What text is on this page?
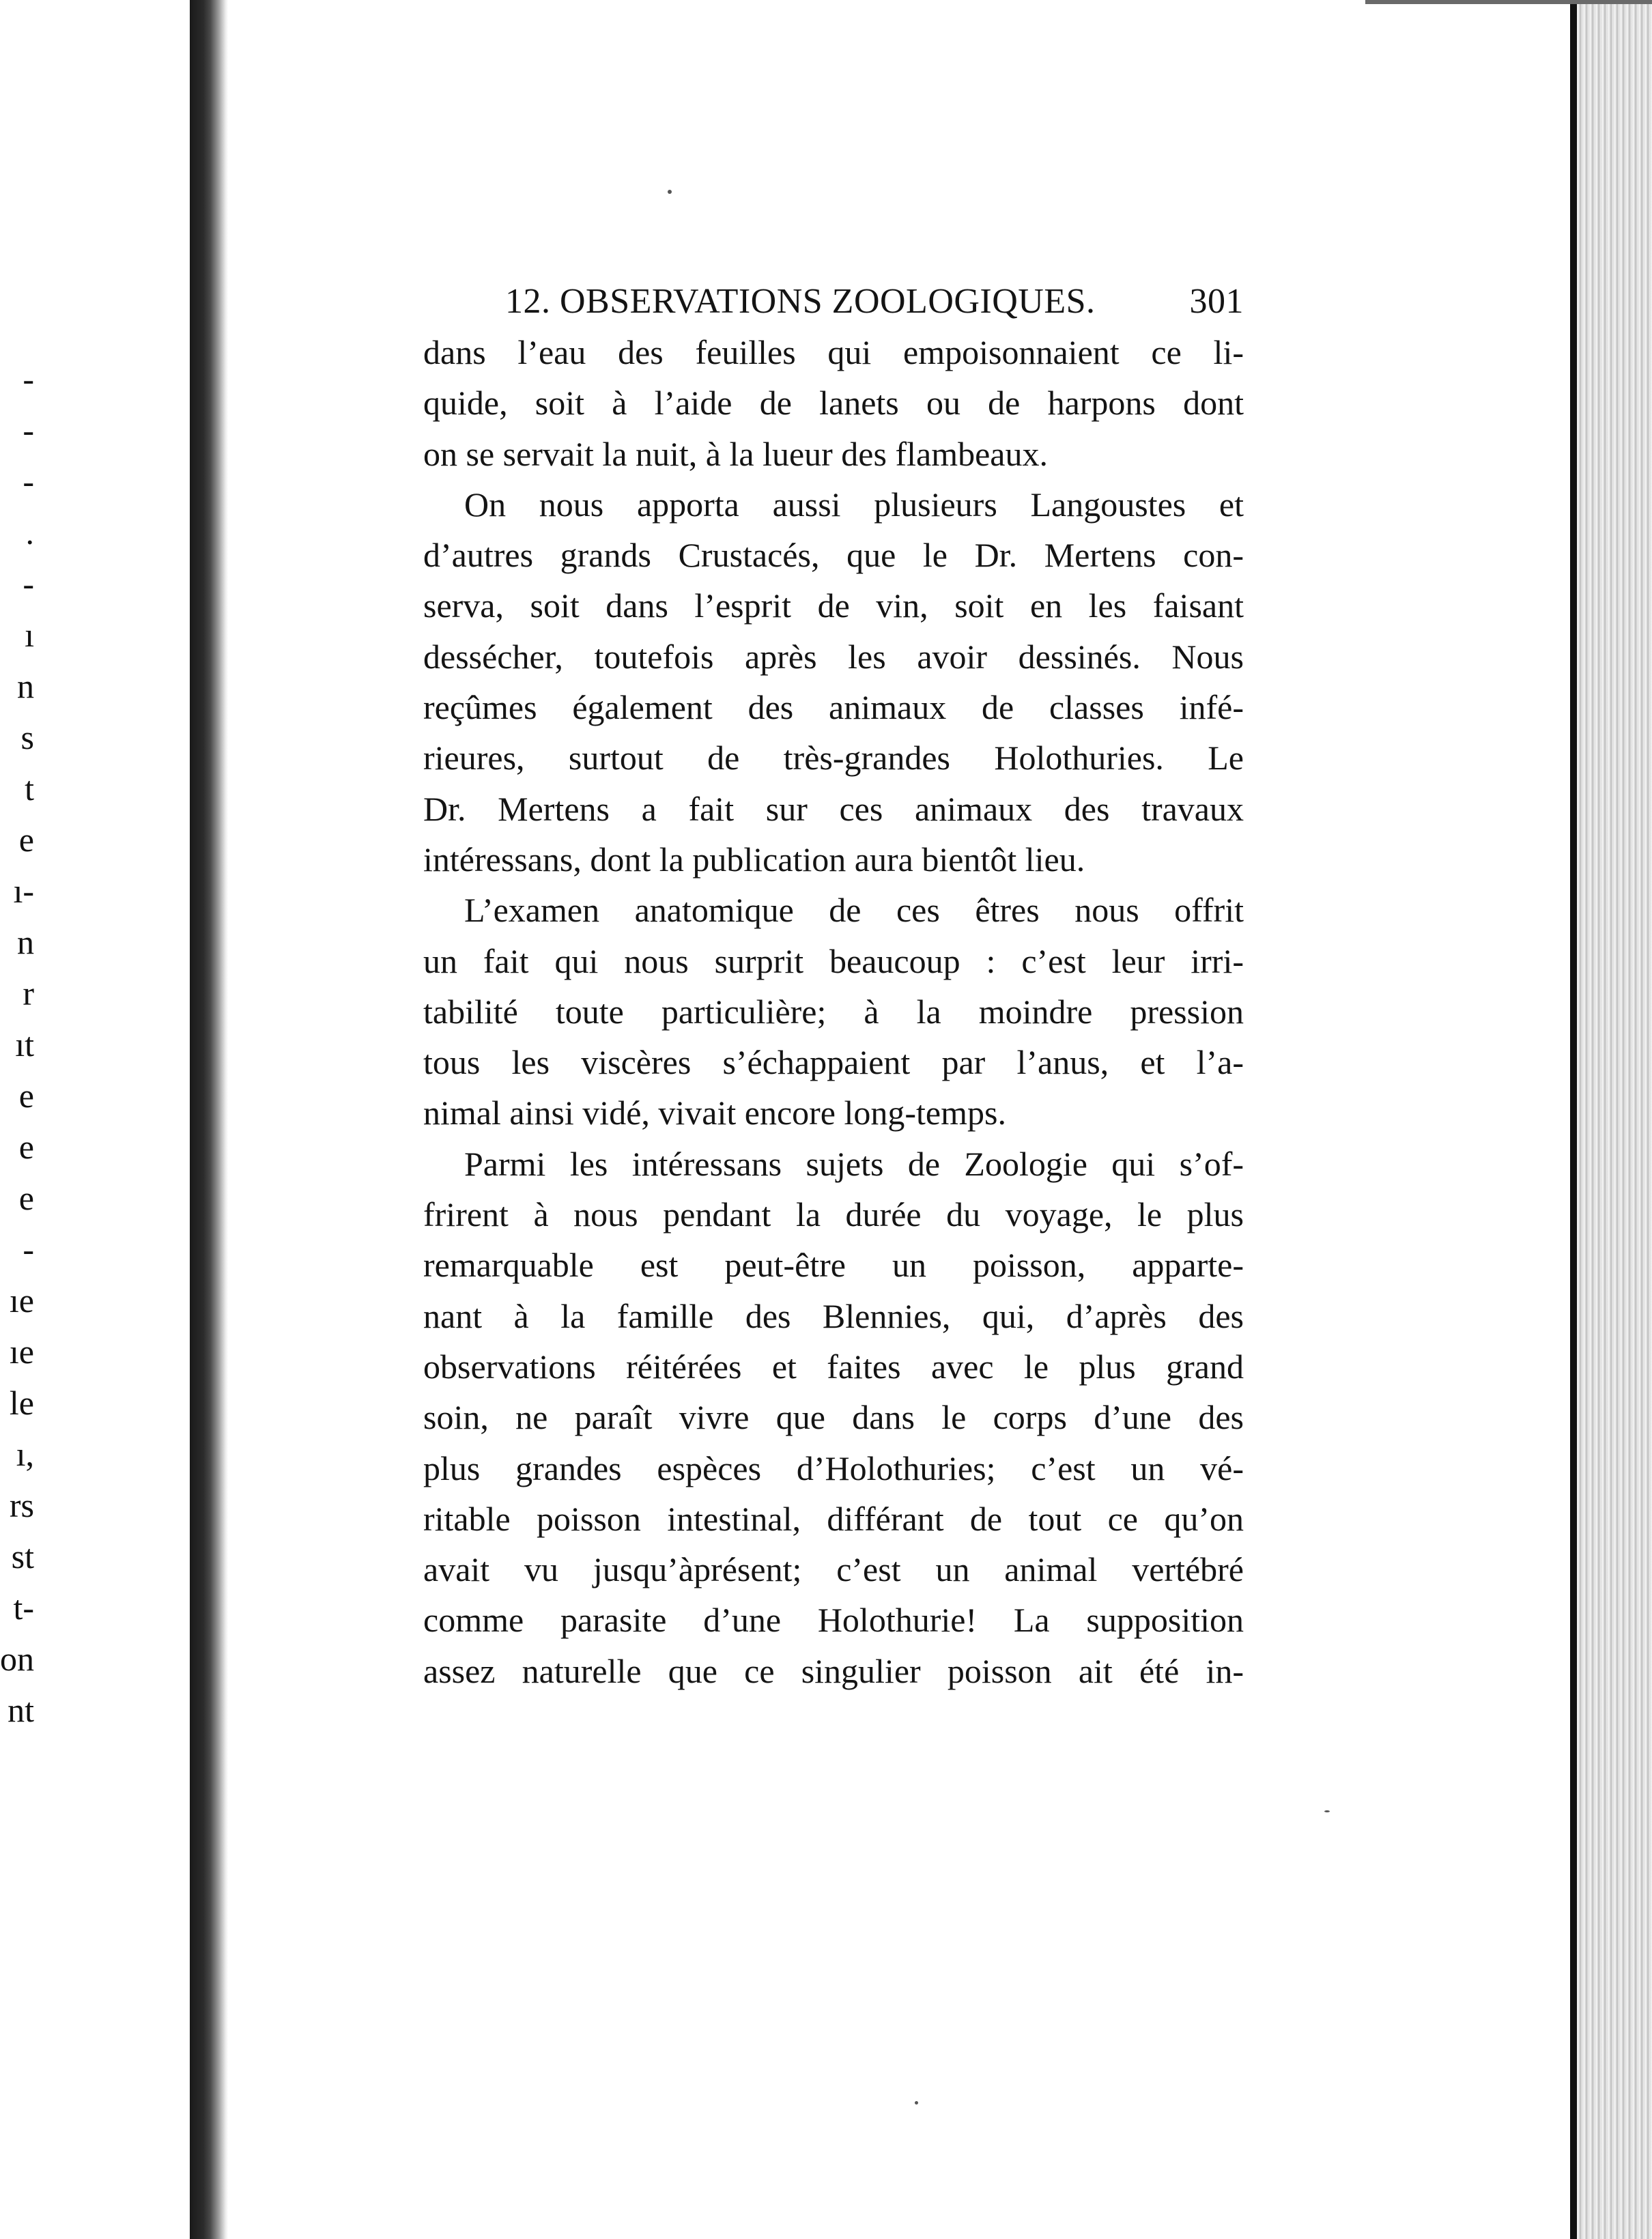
-
-
-
.
-
ı
n
s
t
e
ı-
n
r
ıt
e
e
e
-
ıe
ıe
le
ı,
rs
st
t-
on
nt
12. OBSERVATIONS ZOOLOGIQUES.	301
dans l’eau des feuilles qui empoisonnaient ce li-
quide, soit à l’aide de lanets ou de harpons dont
on se servait la nuit, à la lueur des flambeaux.
On nous apporta aussi plusieurs Langoustes et
d’autres grands Crustacés, que le Dr. Mertens con-
serva, soit dans l’esprit de vin, soit en les faisant
dessécher, toutefois après les avoir dessinés. Nous
reçûmes également des animaux de classes infé-
rieures, surtout de très-grandes Holothuries. Le
Dr. Mertens a fait sur ces animaux des travaux
intéressans, dont la publication aura bientôt lieu.
L’examen anatomique de ces êtres nous offrit
un fait qui nous surprit beaucoup : c’est leur irri-
tabilité toute particulière; à la moindre pression
tous les viscères s’échappaient par l’anus, et l’a-
nimal ainsi vidé, vivait encore long-temps.
Parmi les intéressans sujets de Zoologie qui s’of-
frirent à nous pendant la durée du voyage, le plus
remarquable est peut-être un poisson, apparte-
nant à la famille des Blennies, qui, d’après des
observations réitérées et faites avec le plus grand
soin, ne paraît vivre que dans le corps d’une des
plus grandes espèces d’Holothuries; c’est un vé-
ritable poisson intestinal, différant de tout ce qu’on
avait vu jusqu’àprésent; c’est un animal vertébré
comme parasite d’une Holothurie! La supposition
assez naturelle que ce singulier poisson ait été in-
